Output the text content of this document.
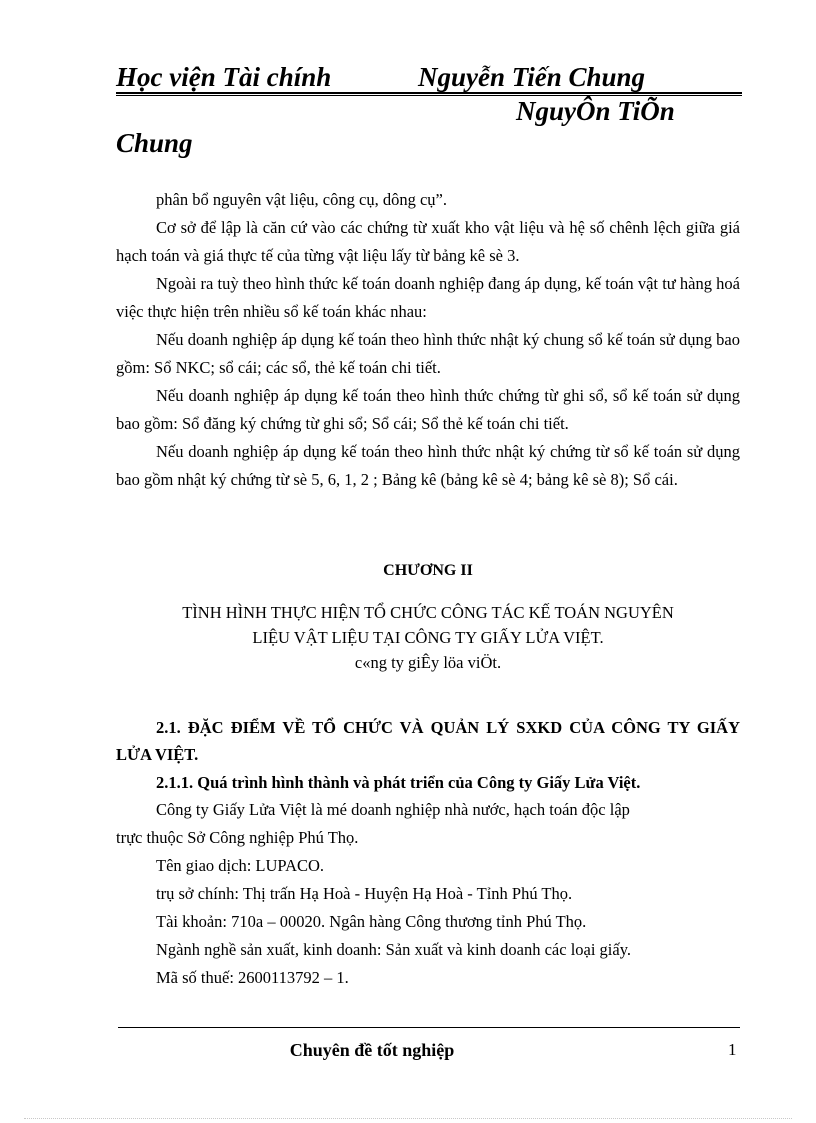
Học viện Tài chính	Nguyễn Tiến Chung
NguyÔn TiÕn
Chung

phân bổ nguyên vật liệu, công cụ, dông cụ”.

Cơ sở để lập là căn cứ vào các chứng từ xuất kho vật liệu và hệ số chênh lệch giữa giá hạch toán và giá thực tế của từng vật liệu lấy từ bảng kê sè 3.

Ngoài ra tuỳ theo hình thức kế toán doanh nghiệp đang áp dụng, kế toán vật tư hàng hoá việc thực hiện trên nhiều sổ kế toán khác nhau:

Nếu doanh nghiệp áp dụng kế toán theo hình thức nhật ký chung sổ kế toán sử dụng bao gồm: Sổ NKC; sổ cái; các sổ, thẻ kế toán chi tiết.

Nếu doanh nghiệp áp dụng kế toán theo hình thức chứng từ ghi sổ, sổ kế toán sử dụng bao gồm: Sổ đăng ký chứng từ ghi sổ; Sổ cái; Sổ thẻ kế toán chi tiết.

Nếu doanh nghiệp áp dụng kế toán theo hình thức nhật ký chứng từ sổ kế toán sử dụng bao gồm nhật ký chứng từ sè 5, 6, 1, 2 ; Bảng kê (bảng kê sè 4; bảng kê sè 8); Sổ cái.

CHƯƠNG II

TÌNH HÌNH THỰC HIỆN TỔ CHỨC CÔNG TÁC KẾ TOÁN NGUYÊN

LIỆU VẬT LIỆU TẠI CÔNG TY GIẤY LỬA VIỆT.

c«ng ty giÊy löa viÖt.

2.1. ĐẶC ĐIỂM VỀ TỔ CHỨC VÀ QUẢN LÝ SXKD CỦA CÔNG TY GIẤY LỬA VIỆT.

2.1.1. Quá trình hình thành và phát triển của Công ty Giấy Lửa Việt.

Công ty Giấy Lửa Việt là mé doanh nghiệp nhà nước, hạch toán độc lập

trực thuộc Sở Công nghiệp Phú Thọ.

Tên giao dịch: LUPACO.

trụ sở chính: Thị trấn Hạ Hoà - Huyện Hạ Hoà - Tỉnh Phú Thọ.

Tài khoản: 710a – 00020. Ngân hàng Công thương tỉnh Phú Thọ.

Ngành nghề sản xuất, kinh doanh: Sản xuất và kinh doanh các loại giấy.

Mã số thuế: 2600113792 – 1.

Chuyên đề tốt nghiệp	1
